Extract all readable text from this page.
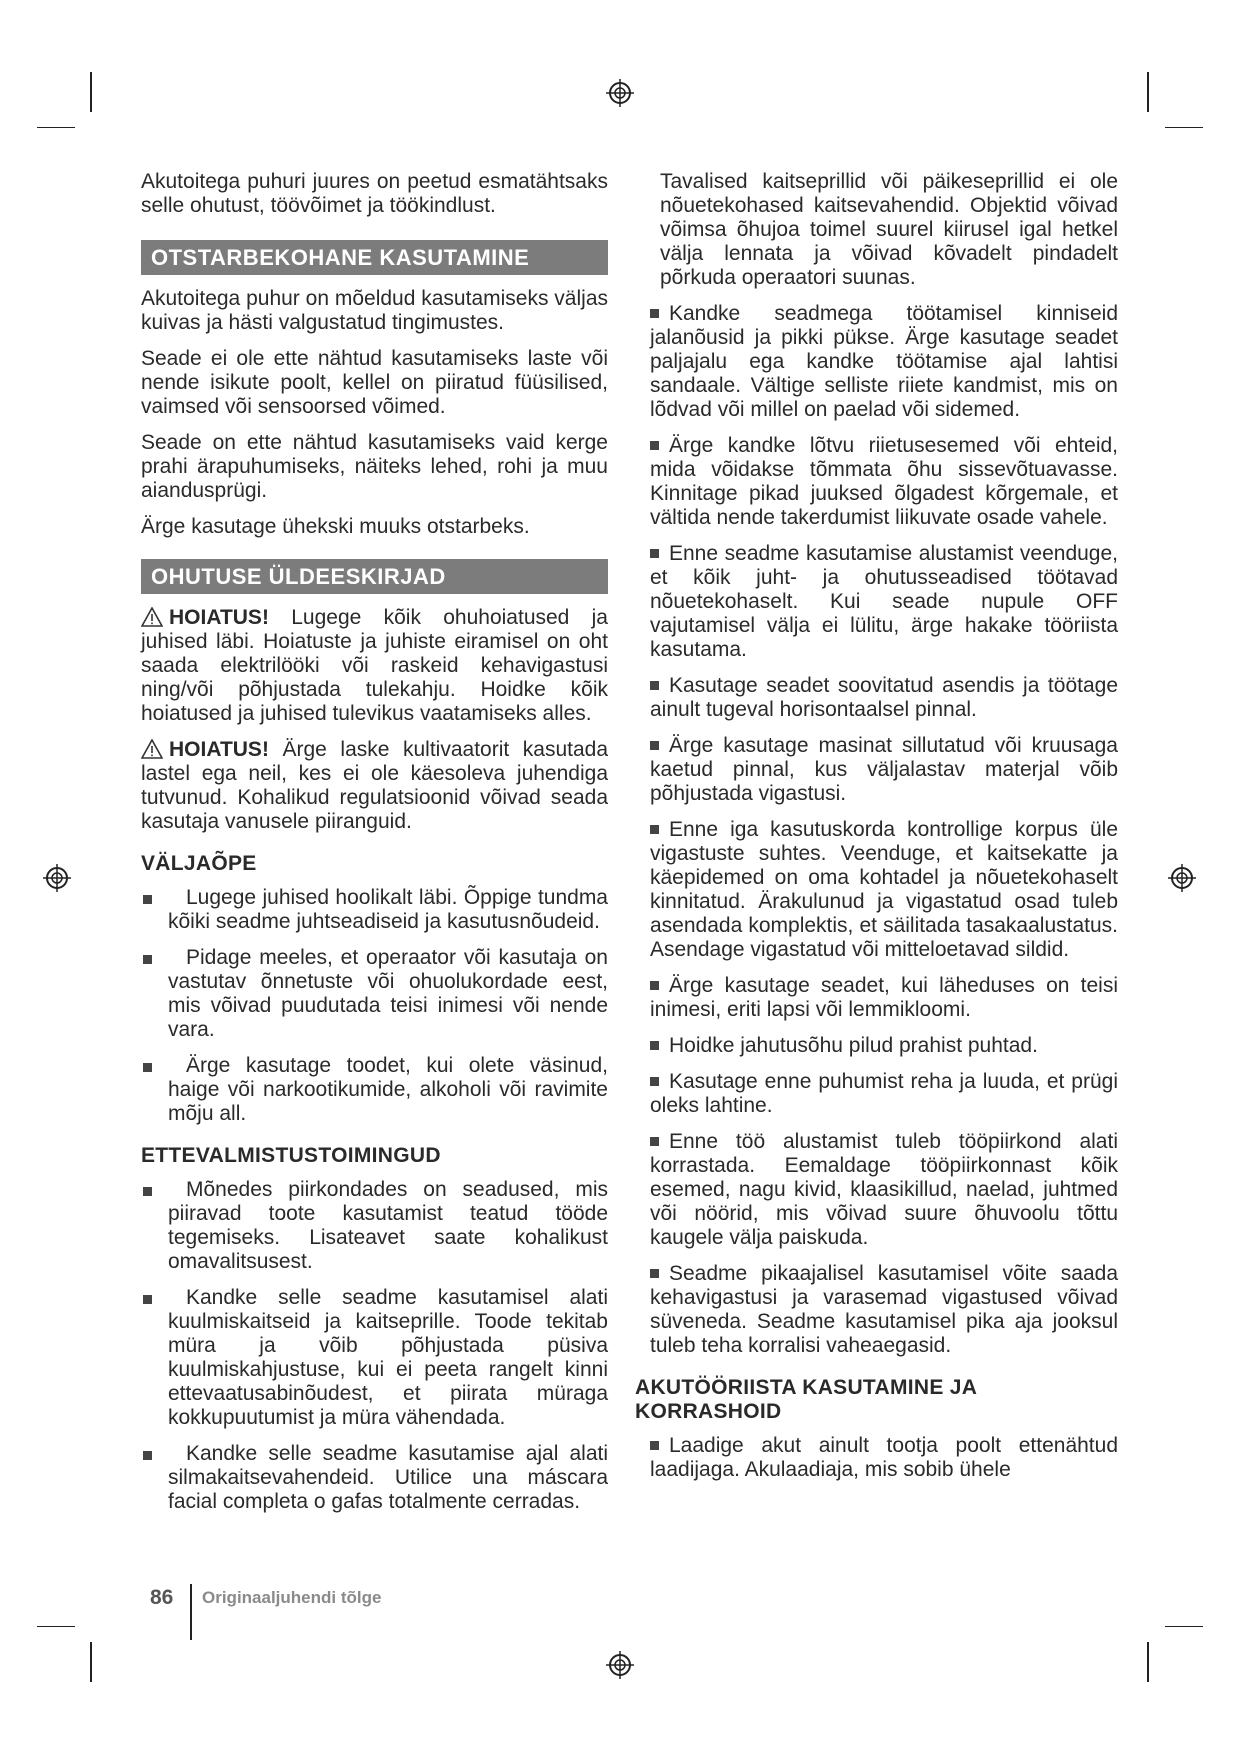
Akutoitega puhuri juures on peetud esmatähtsaks selle ohutust, töövõimet ja töökindlust.

OTSTARBEKOHANE KASUTAMINE

Akutoitega puhur on mõeldud kasutamiseks väljas kuivas ja hästi valgustatud tingimustes.

Seade ei ole ette nähtud kasutamiseks laste või nende isikute poolt, kellel on piiratud füüsilised, vaimsed või sensoorsed võimed.

Seade on ette nähtud kasutamiseks vaid kerge prahi ärapuhumiseks, näiteks lehed, rohi ja muu aiandusprügi.

Ärge kasutage ühekski muuks otstarbeks.

OHUTUSE ÜLDEESKIRJAD

HOIATUS! Lugege kõik ohuhoiatused ja juhised läbi. Hoiatuste ja juhiste eiramisel on oht saada elektrilööki või raskeid kehavigastusi ning/või põhjustada tulekahju. Hoidke kõik hoiatused ja juhised tulevikus vaatamiseks alles.

HOIATUS! Ärge laske kultivaatorit kasutada lastel ega neil, kes ei ole käesoleva juhendiga tutvunud. Kohalikud regulatsioonid võivad seada kasutaja vanusele piiranguid.

VÄLJAÕPE
Lugege juhised hoolikalt läbi. Õppige tundma kõiki seadme juhtseadiseid ja kasutusnõudeid.
Pidage meeles, et operaator või kasutaja on vastutav õnnetuste või ohuolukordade eest, mis võivad puudutada teisi inimesi või nende vara.
Ärge kasutage toodet, kui olete väsinud, haige või narkootikumide, alkoholi või ravimite mõju all.
ETTEVALMISTUSTOIMINGUD
Mõnedes piirkondades on seadused, mis piiravad toote kasutamist teatud tööde tegemiseks. Lisateavet saate kohalikust omavalitsusest.
Kandke selle seadme kasutamisel alati kuulmiskaitseid ja kaitseprille. Toode tekitab müra ja võib põhjustada püsiva kuulmiskahjustuse, kui ei peeta rangelt kinni ettevaatusabinõudest, et piirata müraga kokkupuutumist ja müra vähendada.
Kandke selle seadme kasutamise ajal alati silmakaitsevahendeid. Utilice una máscara facial completa o gafas totalmente cerradas.

Tavalised kaitseprillid või päikeseprillid ei ole nõuetekohased kaitsevahendid. Objektid võivad võimsa õhujoa toimel suurel kiirusel igal hetkel välja lennata ja võivad kõvadelt pindadelt põrkuda operaatori suunas.

Kandke seadmega töötamisel kinniseid jalanõusid ja pikki pükse. Ärge kasutage seadet paljajalu ega kandke töötamise ajal lahtisi sandaale. Vältige selliste riiete kandmist, mis on lõdvad või millel on paelad või sidemed.
Ärge kandke lõtvu riietusesemed või ehteid, mida võidakse tõmmata õhu sissevõtuavasse. Kinnitage pikad juuksed õlgadest kõrgemale, et vältida nende takerdumist liikuvate osade vahele.
Enne seadme kasutamise alustamist veenduge, et kõik juht- ja ohutusseadised töötavad nõuetekohaselt. Kui seade nupule OFF vajutamisel välja ei lülitu, ärge hakake tööriista kasutama.
Kasutage seadet soovitatud asendis ja töötage ainult tugeval horisontaalsel pinnal.
Ärge kasutage masinat sillutatud või kruusaga kaetud pinnal, kus väljalastav materjal võib põhjustada vigastusi.
Enne iga kasutuskorda kontrollige korpus üle vigastuste suhtes. Veenduge, et kaitsekatte ja käepidemed on oma kohtadel ja nõuetekohaselt kinnitatud. Ärakulunud ja vigastatud osad tuleb asendada komplektis, et säilitada tasakaalustatus. Asendage vigastatud või mitteloetavad sildid.
Ärge kasutage seadet, kui läheduses on teisi inimesi, eriti lapsi või lemmikloomi.
Hoidke jahutusõhu pilud prahist puhtad.
Kasutage enne puhumist reha ja luuda, et prügi oleks lahtine.
Enne töö alustamist tuleb tööpiirkond alati korrastada. Eemaldage tööpiirkonnast kõik esemed, nagu kivid, klaasikillud, naelad, juhtmed või nöörid, mis võivad suure õhuvoolu tõttu kaugele välja paiskuda.
Seadme pikaajalisel kasutamisel võite saada kehavigastusi ja varasemad vigastused võivad süveneda. Seadme kasutamisel pika aja jooksul tuleb teha korralisi vaheaegasid.
AKUTÖÖRIISTA KASUTAMINE JA KORRASHOID
Laadige akut ainult tootja poolt ettenähtud laadijaga. Akulaadiaja, mis sobib ühele
86 Originaaljuhendi tõlge
